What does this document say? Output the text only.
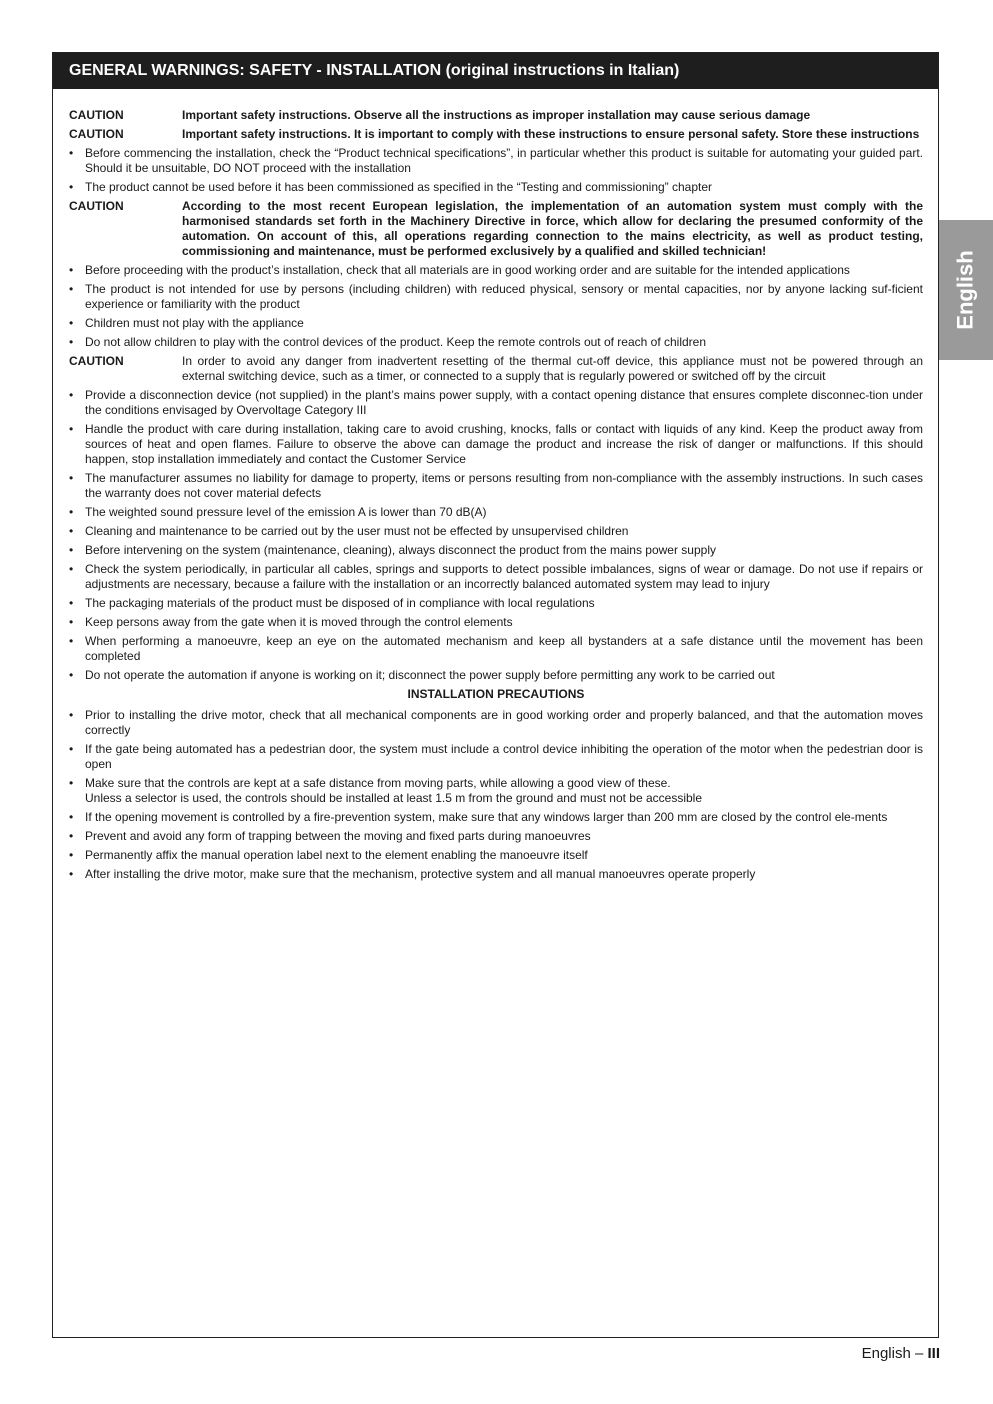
GENERAL WARNINGS: SAFETY - INSTALLATION (original instructions in Italian)
CAUTION	Important safety instructions. Observe all the instructions as improper installation may cause serious damage
CAUTION	Important safety instructions. It is important to comply with these instructions to ensure personal safety. Store these instructions
• Before commencing the installation, check the “Product technical specifications”, in particular whether this product is suitable for automating your guided part. Should it be unsuitable, DO NOT proceed with the installation
• The product cannot be used before it has been commissioned as specified in the “Testing and commissioning” chapter
CAUTION	According to the most recent European legislation, the implementation of an automation system must comply with the harmonised standards set forth in the Machinery Directive in force, which allow for declaring the presumed conformity of the automation. On account of this, all operations regarding connection to the mains electricity, as well as product testing, commissioning and maintenance, must be performed exclusively by a qualified and skilled technician!
• Before proceeding with the product’s installation, check that all materials are in good working order and are suitable for the intended applications
• The product is not intended for use by persons (including children) with reduced physical, sensory or mental capacities, nor by anyone lacking suf-ficient experience or familiarity with the product
• Children must not play with the appliance
• Do not allow children to play with the control devices of the product. Keep the remote controls out of reach of children
CAUTION	In order to avoid any danger from inadvertent resetting of the thermal cut-off device, this appliance must not be powered through an external switching device, such as a timer, or connected to a supply that is regularly powered or switched off by the circuit
• Provide a disconnection device (not supplied) in the plant’s mains power supply, with a contact opening distance that ensures complete disconnec-tion under the conditions envisaged by Overvoltage Category III
• Handle the product with care during installation, taking care to avoid crushing, knocks, falls or contact with liquids of any kind. Keep the product away from sources of heat and open flames. Failure to observe the above can damage the product and increase the risk of danger or malfunctions. If this should happen, stop installation immediately and contact the Customer Service
• The manufacturer assumes no liability for damage to property, items or persons resulting from non-compliance with the assembly instructions. In such cases the warranty does not cover material defects
• The weighted sound pressure level of the emission A is lower than 70 dB(A)
• Cleaning and maintenance to be carried out by the user must not be effected by unsupervised children
• Before intervening on the system (maintenance, cleaning), always disconnect the product from the mains power supply
• Check the system periodically, in particular all cables, springs and supports to detect possible imbalances, signs of wear or damage. Do not use if repairs or adjustments are necessary, because a failure with the installation or an incorrectly balanced automated system may lead to injury
• The packaging materials of the product must be disposed of in compliance with local regulations
• Keep persons away from the gate when it is moved through the control elements
• When performing a manoeuvre, keep an eye on the automated mechanism and keep all bystanders at a safe distance until the movement has been completed
• Do not operate the automation if anyone is working on it; disconnect the power supply before permitting any work to be carried out
INSTALLATION PRECAUTIONS
• Prior to installing the drive motor, check that all mechanical components are in good working order and properly balanced, and that the automation moves correctly
• If the gate being automated has a pedestrian door, the system must include a control device inhibiting the operation of the motor when the pedestrian door is open
• Make sure that the controls are kept at a safe distance from moving parts, while allowing a good view of these.
Unless a selector is used, the controls should be installed at least 1.5 m from the ground and must not be accessible
• If the opening movement is controlled by a fire-prevention system, make sure that any windows larger than 200 mm are closed by the control ele-ments
• Prevent and avoid any form of trapping between the moving and fixed parts during manoeuvres
• Permanently affix the manual operation label next to the element enabling the manoeuvre itself
• After installing the drive motor, make sure that the mechanism, protective system and all manual manoeuvres operate properly
English
English – III
